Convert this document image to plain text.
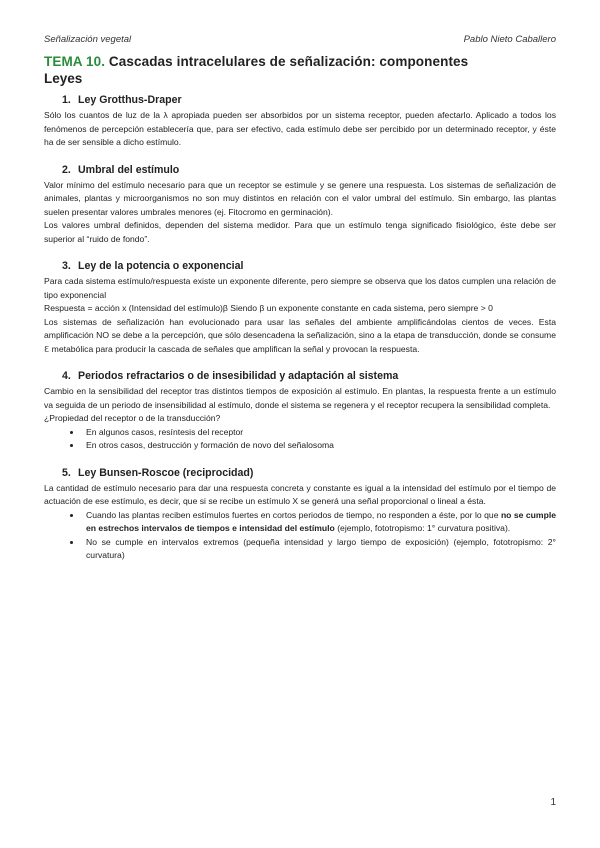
Señalización vegetal	Pablo Nieto Caballero
TEMA 10. Cascadas intracelulares de señalización: componentes
Leyes
1. Ley Grotthus-Draper

Sólo los cuantos de luz de la λ apropiada pueden ser absorbidos por un sistema receptor, pueden afectarlo. Aplicado a todos los fenómenos de percepción establecería que, para ser efectivo, cada estímulo debe ser percibido por un determinado receptor, y éste ha de ser sensible a dicho estímulo.

2. Umbral del estímulo

Valor mínimo del estímulo necesario para que un receptor se estimule y se genere una respuesta. Los sistemas de señalización de animales, plantas y microorganismos no son muy distintos en relación con el valor umbral del estímulo. Sin embargo, las plantas suelen presentar valores umbrales menores (ej. Fitocromo en germinación).

Los valores umbral definidos, dependen del sistema medidor. Para que un estímulo tenga significado fisiológico, éste debe ser superior al “ruido de fondo”.

3. Ley de la potencia o exponencial

Para cada sistema estímulo/respuesta existe un exponente diferente, pero siempre se observa que los datos cumplen una relación de tipo exponencial

Respuesta = acción x (Intensidad del estímulo)β Siendo β un exponente constante en cada sistema, pero siempre > 0

Los sistemas de señalización han evolucionado para usar las señales del ambiente amplificándolas cientos de veces. Esta amplificación NO se debe a la percepción, que sólo desencadena la señalización, sino a la etapa de transducción, donde se consume ℇ metabólica para producir la cascada de señales que amplifican la señal y provocan la respuesta.

4. Periodos refractarios o de insesibilidad y adaptación al sistema

Cambio en la sensibilidad del receptor tras distintos tiempos de exposición al estímulo. En plantas, la respuesta frente a un estímulo va seguida de un periodo de insensibilidad al estímulo, donde el sistema se regenera y el receptor recupera la sensibilidad completa.

¿Propiedad del receptor o de la transducción?

• En algunos casos, resíntesis del receptor
• En otros casos, destrucción y formación de novo del señalosoma
5. Ley Bunsen-Roscoe (reciprocidad)

La cantidad de estímulo necesario para dar una respuesta concreta y constante es igual a la intensidad del estímulo por el tiempo de actuación de ese estímulo, es decir, que si se recibe un estímulo X se generá una señal proporcional o lineal a ésta.

• Cuando las plantas reciben estímulos fuertes en cortos periodos de tiempo, no responden a éste, por lo que no se cumple en estrechos intervalos de tiempos e intensidad del estímulo (ejemplo, fototropismo: 1° curvatura positiva).
• No se cumple en intervalos extremos (pequeña intensidad y largo tiempo de exposición) (ejemplo, fototropismo: 2° curvatura)
1
